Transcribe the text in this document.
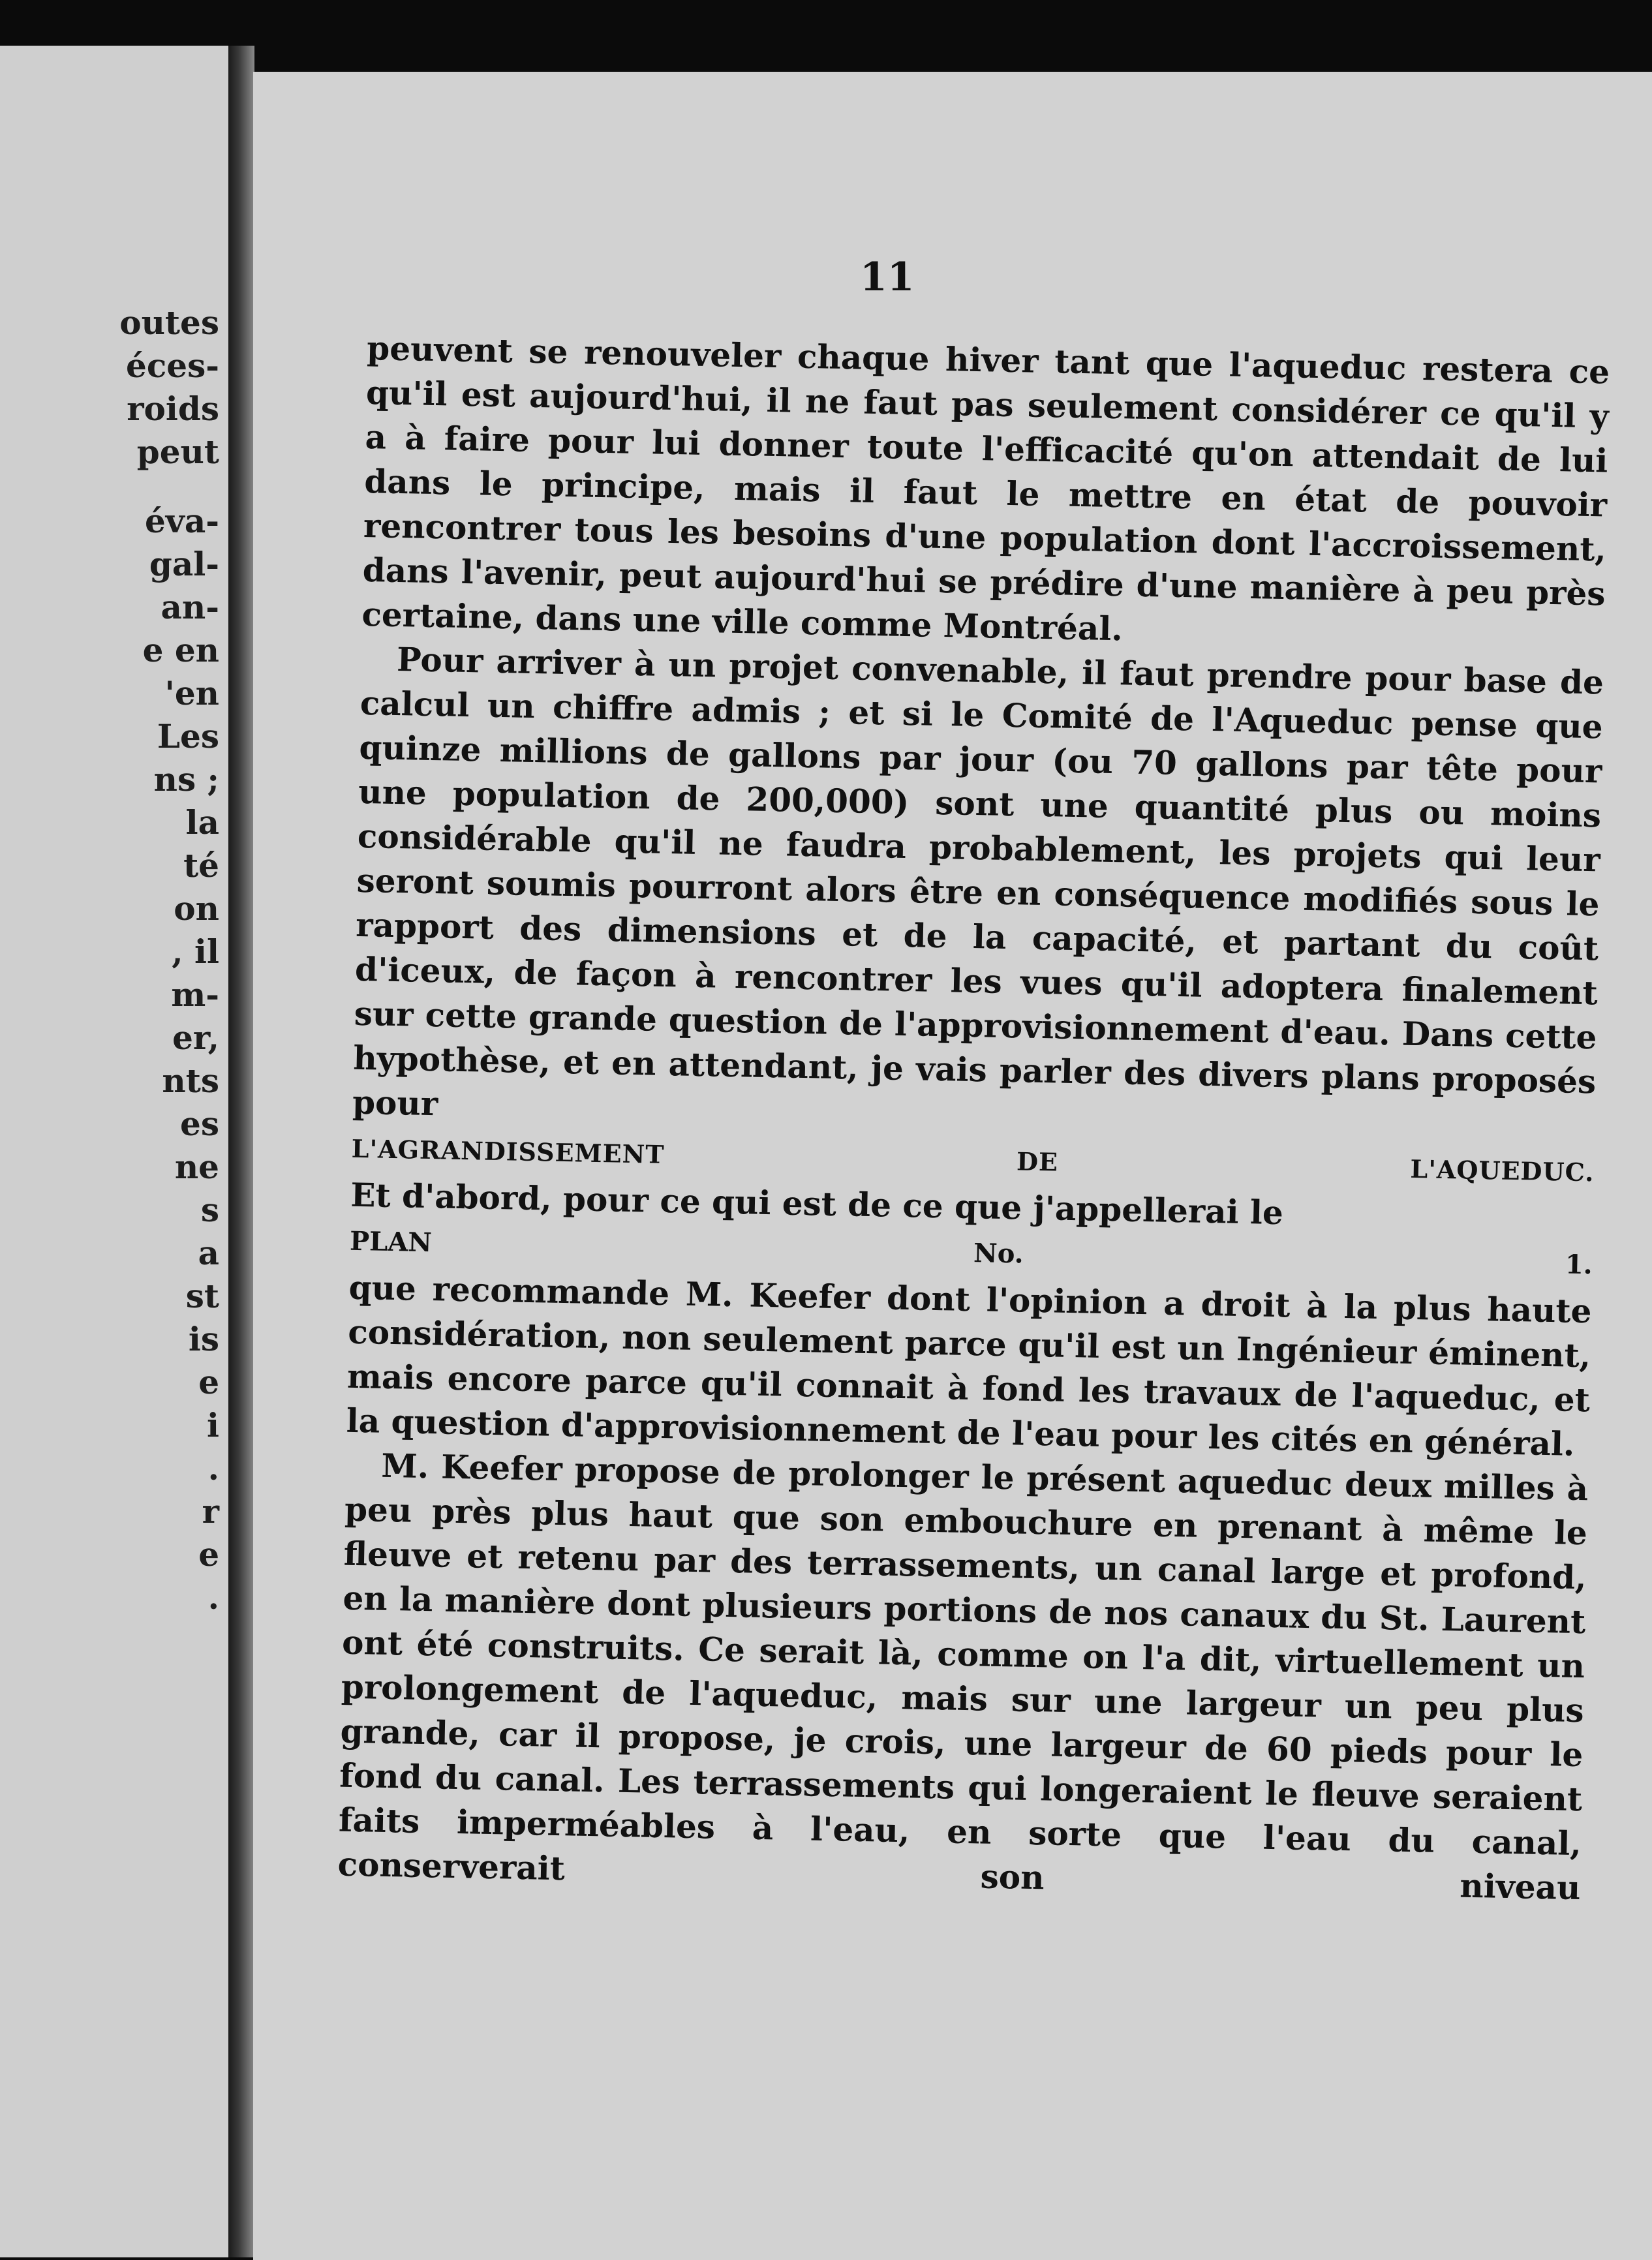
outes
éces-
roids
peut
éva-
gal-
an-
e en
'en
Les
ns ;
la
té
on
, il
m-
er,
nts
es
ne
s
a
st
is
e
i
.
r
e
.

11

peuvent se renouveler chaque hiver tant que l'aqueduc restera ce qu'il est aujourd'hui, il ne faut pas seulement considérer ce qu'il y a à faire pour lui donner toute l'efficacité qu'on attendait de lui dans le principe, mais il faut le mettre en état de pouvoir rencontrer tous les besoins d'une population dont l'accroissement, dans l'avenir, peut aujourd'hui se prédire d'une manière à peu près certaine, dans une ville comme Montréal.

Pour arriver à un projet convenable, il faut prendre pour base de calcul un chiffre admis ; et si le Comité de l'Aqueduc pense que quinze millions de gallons par jour (ou 70 gallons par tête pour une population de 200,000) sont une quantité plus ou moins considérable qu'il ne faudra probablement, les projets qui leur seront soumis pourront alors être en conséquence modifiés sous le rapport des dimensions et de la capacité, et partant du coût d'iceux, de façon à rencontrer les vues qu'il adoptera finalement sur cette grande question de l'approvisionnement d'eau. Dans cette hypothèse, et en attendant, je vais parler des divers plans proposés pour

L'AGRANDISSEMENT DE L'AQUEDUC.

Et d'abord, pour ce qui est de ce que j'appellerai le

PLAN No. 1.

que recommande M. Keefer dont l'opinion a droit à la plus haute considération, non seulement parce qu'il est un Ingénieur éminent, mais encore parce qu'il connait à fond les travaux de l'aqueduc, et la question d'approvisionnement de l'eau pour les cités en général.

M. Keefer propose de prolonger le présent aqueduc deux milles à peu près plus haut que son embouchure en prenant à même le fleuve et retenu par des terrassements, un canal large et profond, en la manière dont plusieurs portions de nos canaux du St. Laurent ont été construits. Ce serait là, comme on l'a dit, virtuellement un prolongement de l'aqueduc, mais sur une largeur un peu plus grande, car il propose, je crois, une largeur de 60 pieds pour le fond du canal. Les terrassements qui longeraient le fleuve seraient faits imperméables à l'eau, en sorte que l'eau du canal, conserverait son niveau
